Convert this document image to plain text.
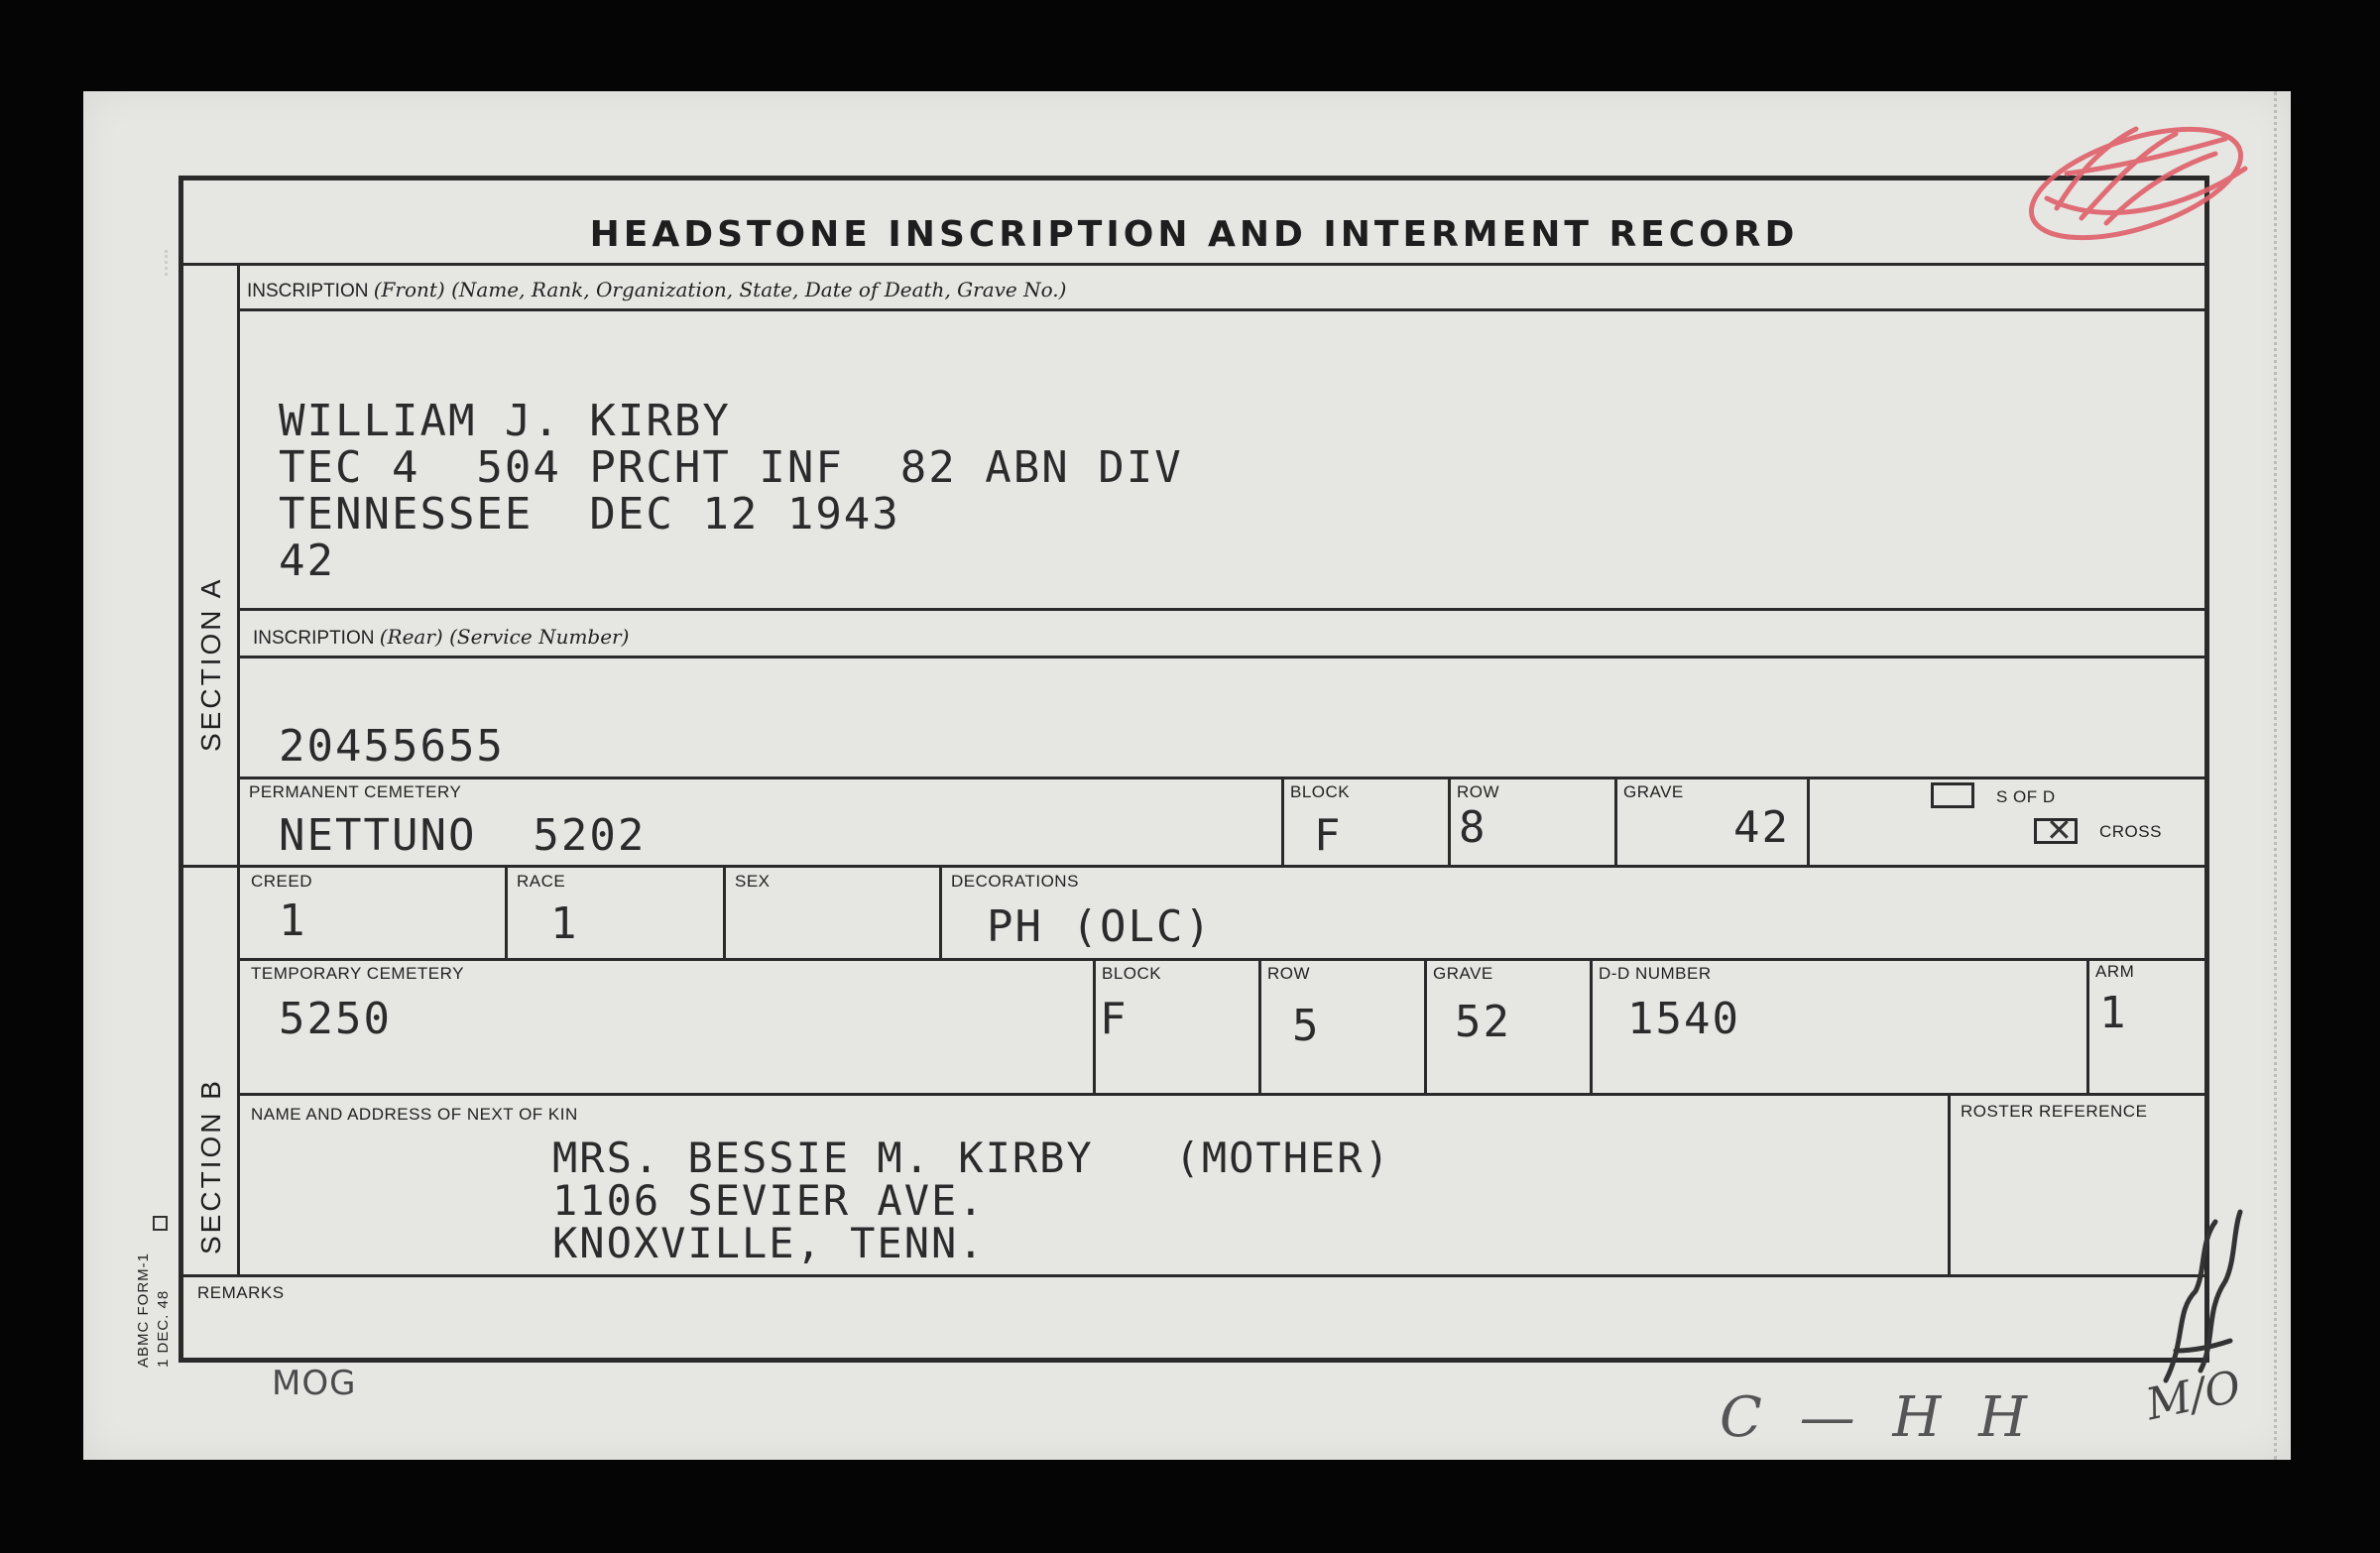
HEADSTONE INSCRIPTION AND INTERMENT RECORD
SECTION A
SECTION B
INSCRIPTION (Front) (Name, Rank, Organization, State, Date of Death, Grave No.)
WILLIAM J. KIRBY
TEC 4  504 PRCHT INF  82 ABN DIV
TENNESSEE  DEC 12 1943
42
INSCRIPTION (Rear) (Service Number)
20455655
PERMANENT CEMETERY
NETTUNO  5202
BLOCK
F
ROW
8
GRAVE
42
S OF D
✕
CROSS
CREED
1
RACE
1
SEX	DECORATIONS
PH (OLC)
TEMPORARY CEMETERY
5250
BLOCK
F
ROW
5
GRAVE
52
D-D NUMBER
1540
ARM
1
NAME AND ADDRESS OF NEXT OF KIN
MRS. BESSIE M. KIRBY   (MOTHER)
1106 SEVIER AVE.
KNOXVILLE, TENN.
ROSTER REFERENCE
REMARKS
ABMC FORM-1 1 DEC. 48
MOG
C — H H M/O
